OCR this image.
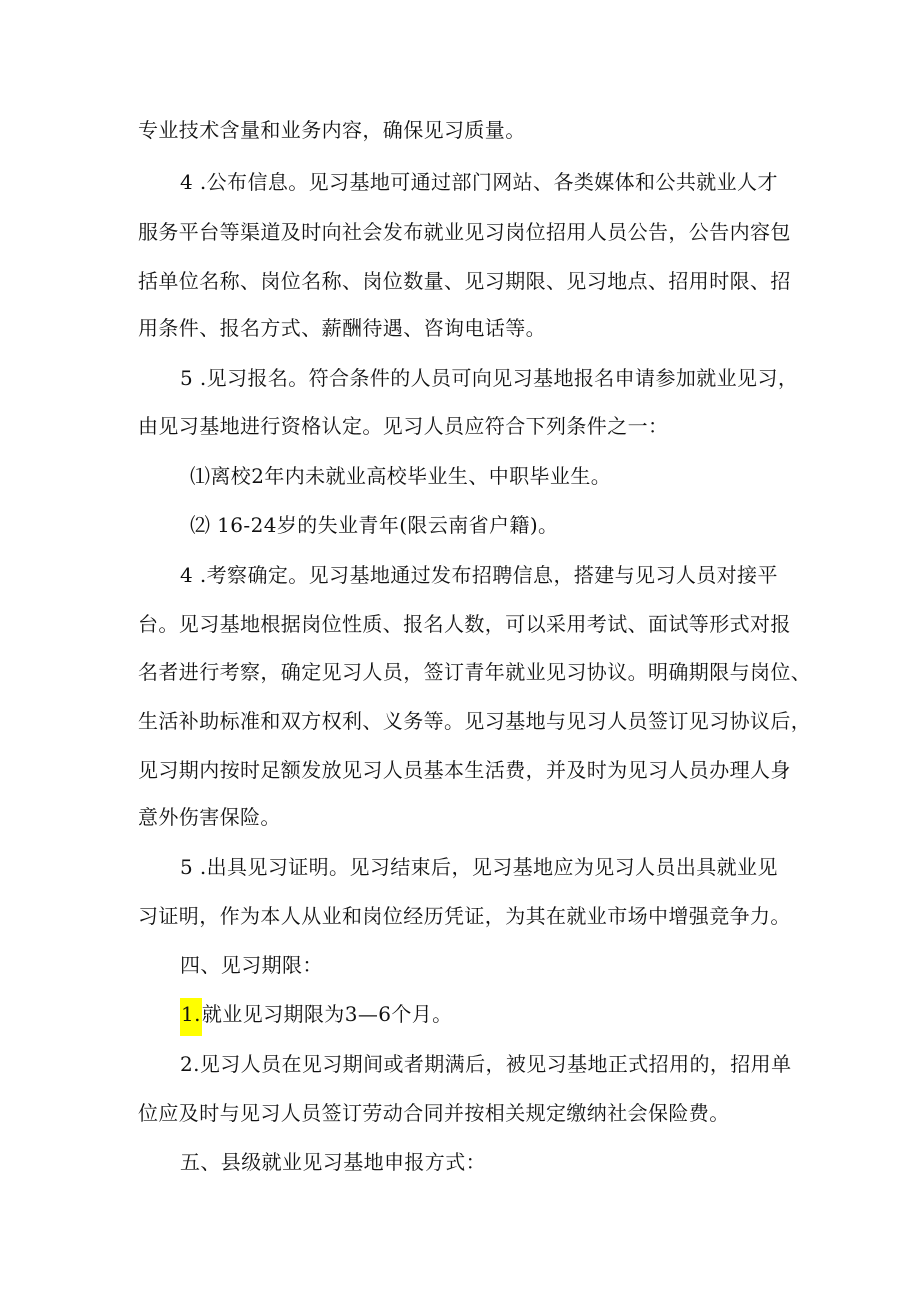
专业技术含量和业务内容，确保见习质量。
4 .公布信息。见习基地可通过部门网站、各类媒体和公共就业人才
服务平台等渠道及时向社会发布就业见习岗位招用人员公告，公告内容包
括单位名称、岗位名称、岗位数量、见习期限、见习地点、招用时限、招
用条件、报名方式、薪酬待遇、咨询电话等。
5 .见习报名。符合条件的人员可向见习基地报名申请参加就业见习，
由见习基地进行资格认定。见习人员应符合下列条件之一：
⑴离校2年内未就业高校毕业生、中职毕业生。
⑵ 16-24岁的失业青年(限云南省户籍)。
4 .考察确定。见习基地通过发布招聘信息，搭建与见习人员对接平
台。见习基地根据岗位性质、报名人数，可以采用考试、面试等形式对报
名者进行考察，确定见习人员，签订青年就业见习协议。明确期限与岗位、
生活补助标准和双方权利、义务等。见习基地与见习人员签订见习协议后，
见习期内按时足额发放见习人员基本生活费，并及时为见习人员办理人身
意外伤害保险。
5 .出具见习证明。见习结束后，见习基地应为见习人员出具就业见
习证明，作为本人从业和岗位经历凭证，为其在就业市场中增强竞争力。
四、见习期限：
1.就业见习期限为3—6个月。
2.见习人员在见习期间或者期满后，被见习基地正式招用的，招用单
位应及时与见习人员签订劳动合同并按相关规定缴纳社会保险费。
五、县级就业见习基地申报方式：
